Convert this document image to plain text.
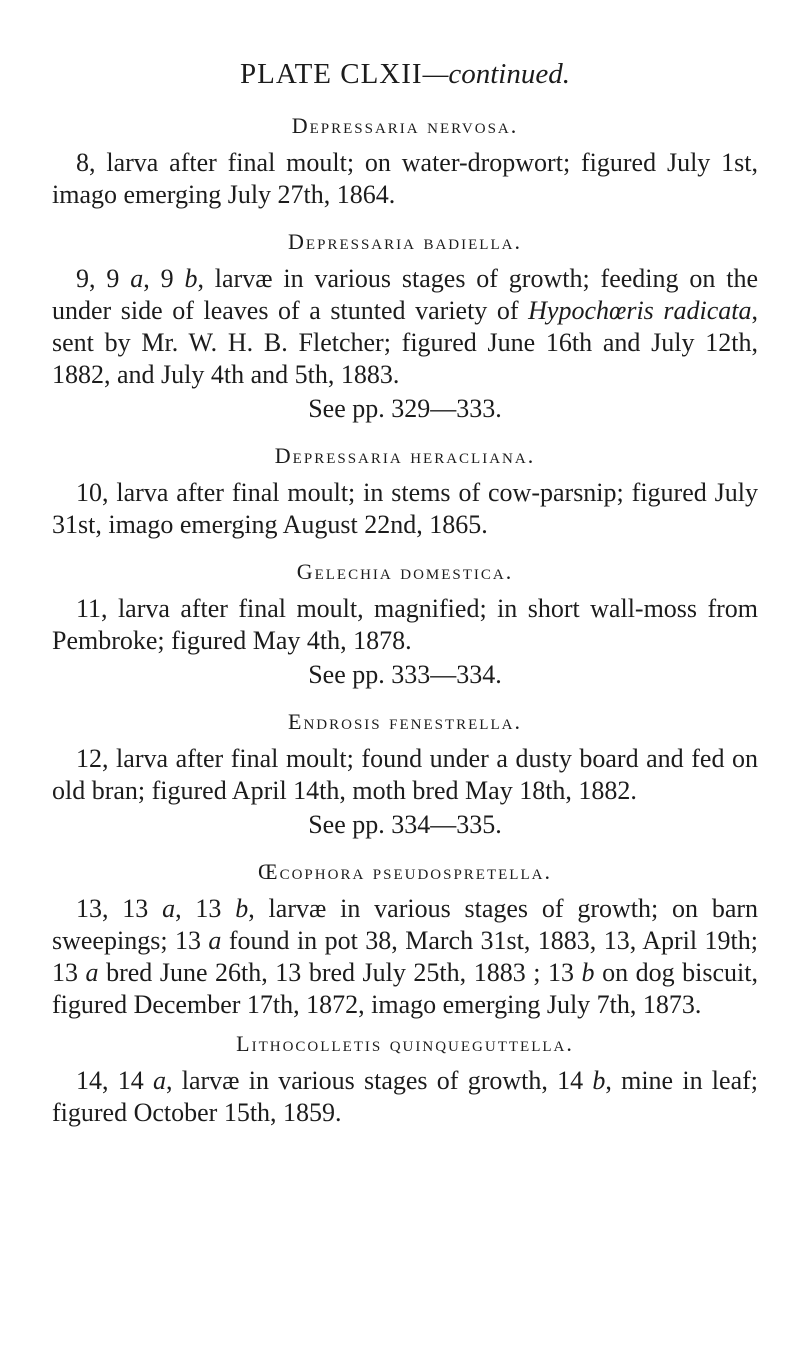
PLATE CLXII—continued.
Depressaria nervosa.

8, larva after final moult; on water-dropwort; figured July 1st, imago emerging July 27th, 1864.

Depressaria badiella.

9, 9 a, 9 b, larvæ in various stages of growth; feeding on the under side of leaves of a stunted variety of Hypochœris radicata, sent by Mr. W. H. B. Fletcher; figured June 16th and July 12th, 1882, and July 4th and 5th, 1883.

See pp. 329—333.

Depressaria heracliana.

10, larva after final moult; in stems of cow-parsnip; figured July 31st, imago emerging August 22nd, 1865.

Gelechia domestica.

11, larva after final moult, magnified; in short wall-moss from Pembroke; figured May 4th, 1878.

See pp. 333—334.

Endrosis fenestrella.

12, larva after final moult; found under a dusty board and fed on old bran; figured April 14th, moth bred May 18th, 1882.

See pp. 334—335.

Œcophora pseudospretella.

13, 13 a, 13 b, larvæ in various stages of growth; on barn sweepings; 13 a found in pot 38, March 31st, 1883, 13, April 19th; 13 a bred June 26th, 13 bred July 25th, 1883 ; 13 b on dog biscuit, figured December 17th, 1872, imago emerging July 7th, 1873.

Lithocolletis quinqueguttella.

14, 14 a, larvæ in various stages of growth, 14 b, mine in leaf; figured October 15th, 1859.
